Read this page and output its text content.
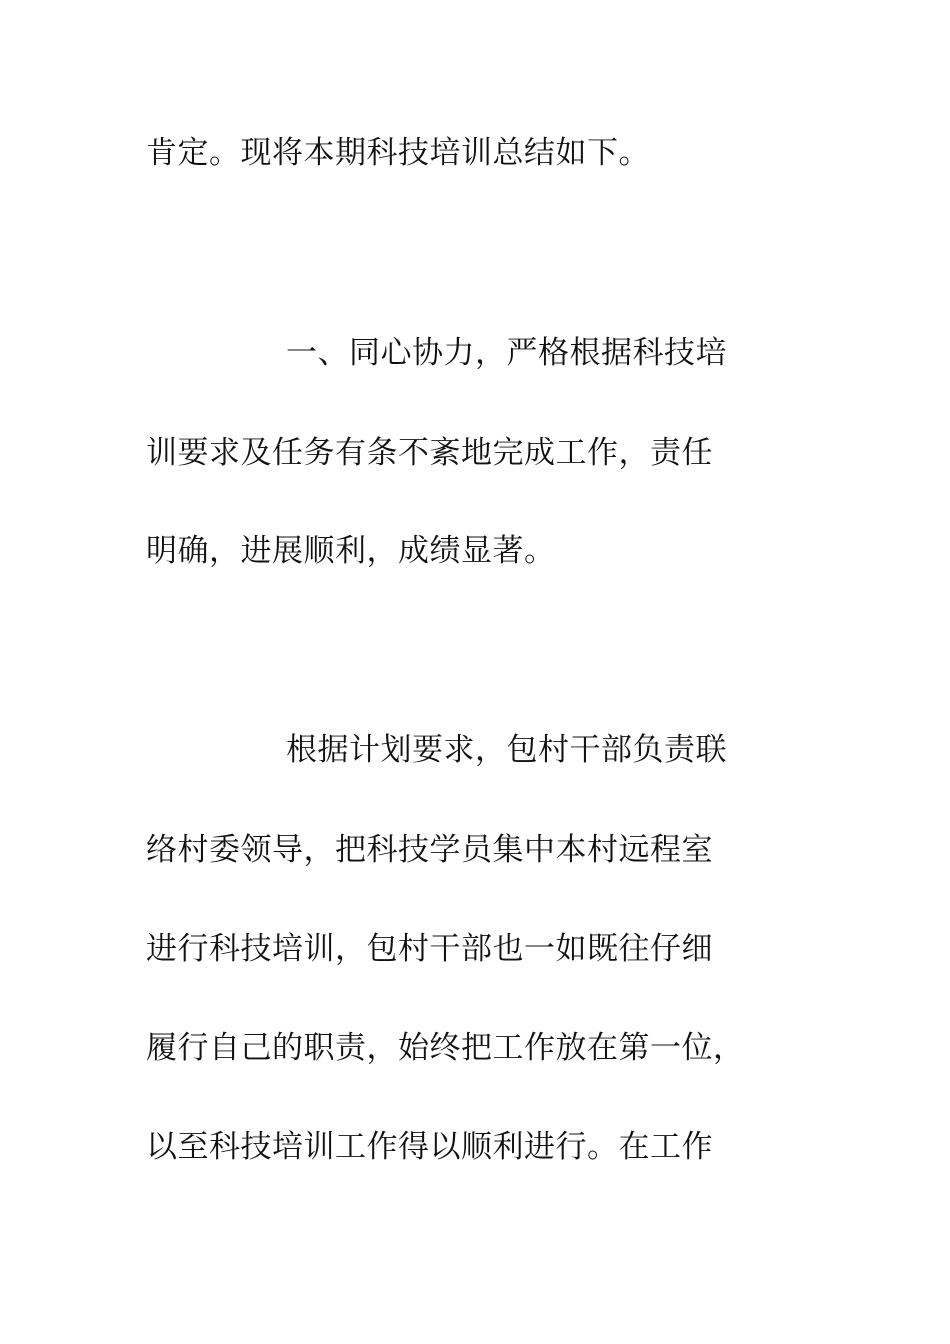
肯定。现将本期科技培训总结如下。
一、同心协力，严格根据科技培
训要求及任务有条不紊地完成工作，责任
明确，进展顺利，成绩显著。
根据计划要求，包村干部负责联
络村委领导，把科技学员集中本村远程室
进行科技培训，包村干部也一如既往仔细
履行自己的职责，始终把工作放在第一位，
以至科技培训工作得以顺利进行。在工作
